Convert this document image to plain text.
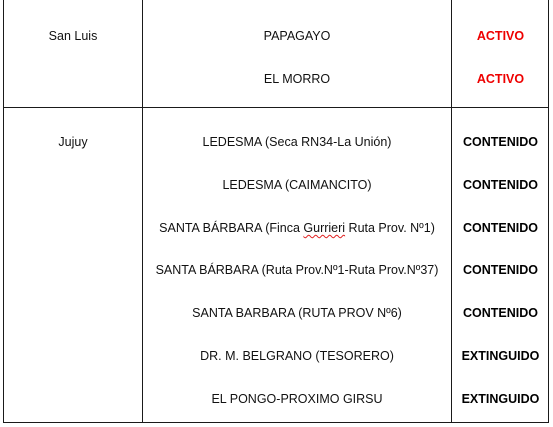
San Luis	PAPAGAYO	ACTIVO
EL MORRO	ACTIVO
Jujuy	LEDESMA (Seca RN34-La Unión)	CONTENIDO
LEDESMA (CAIMANCITO)	CONTENIDO
SANTA BÁRBARA (Finca Gurrieri Ruta Prov. Nº1)	CONTENIDO
SANTA BÁRBARA (Ruta Prov.Nº1-Ruta Prov.Nº37)	CONTENIDO
SANTA BARBARA (RUTA PROV Nº6)	CONTENIDO
DR. M. BELGRANO (TESORERO)	EXTINGUIDO
EL PONGO-PROXIMO GIRSU	EXTINGUIDO
